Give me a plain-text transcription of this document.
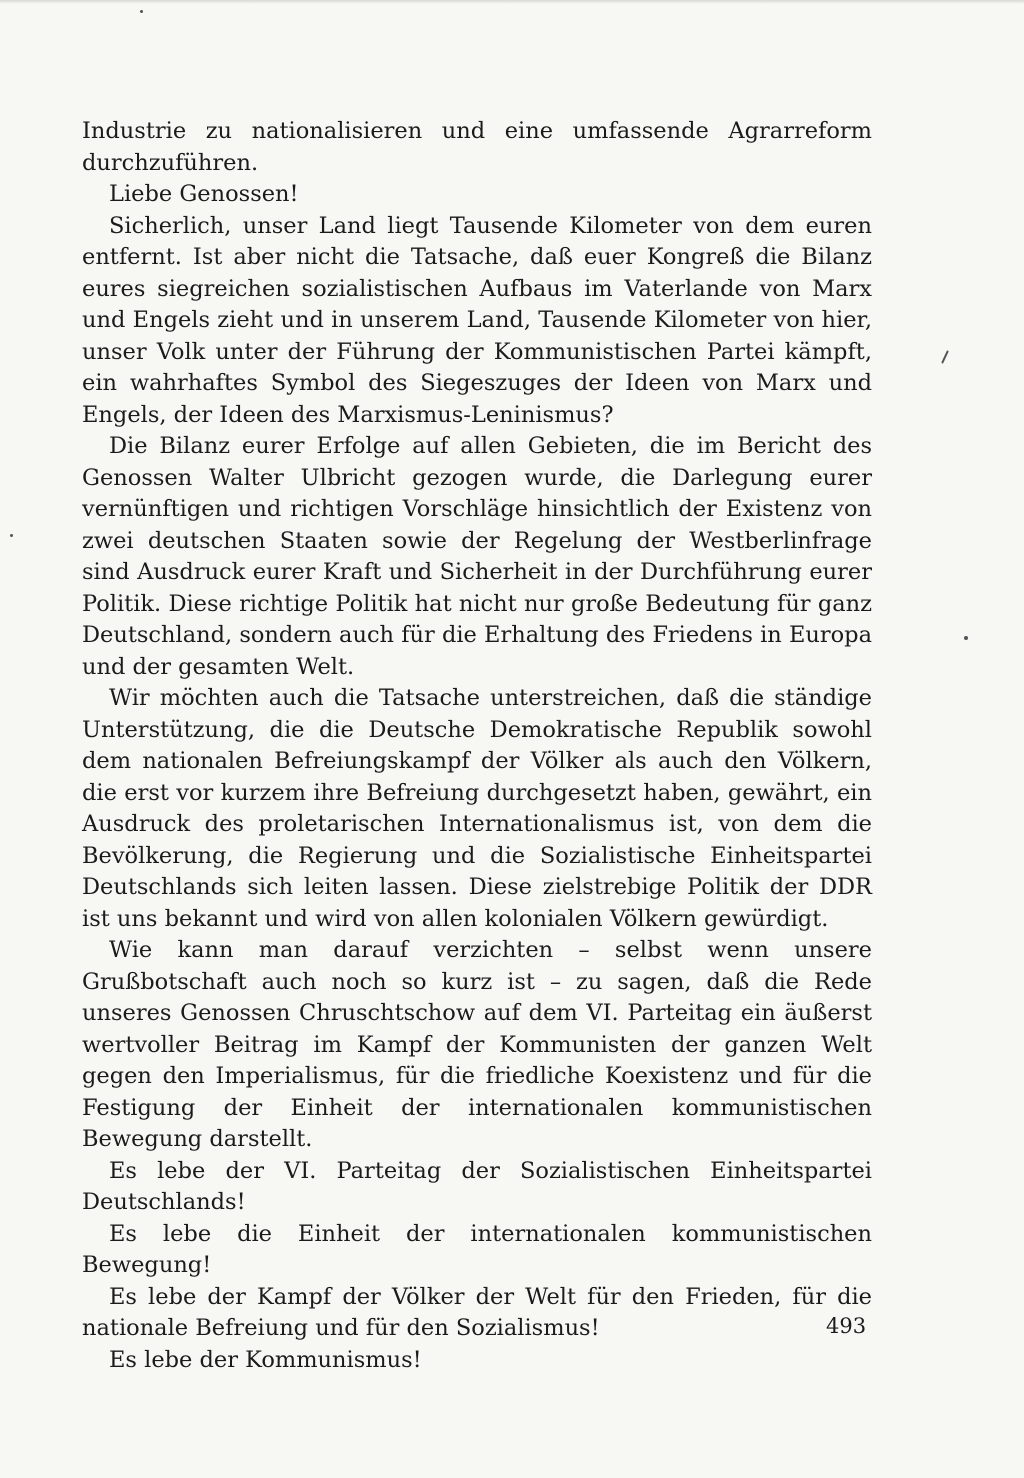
Industrie zu nationalisieren und eine umfassende Agrarreform durchzuführen.

Liebe Genossen!

Sicherlich, unser Land liegt Tausende Kilometer von dem euren entfernt. Ist aber nicht die Tatsache, daß euer Kongreß die Bilanz eures siegreichen sozialistischen Aufbaus im Vaterlande von Marx und Engels zieht und in unserem Land, Tausende Kilometer von hier, unser Volk unter der Führung der Kommunistischen Partei kämpft, ein wahrhaftes Symbol des Siegeszuges der Ideen von Marx und Engels, der Ideen des Marxismus-Leninismus?

Die Bilanz eurer Erfolge auf allen Gebieten, die im Bericht des Genossen Walter Ulbricht gezogen wurde, die Darlegung eurer vernünftigen und richtigen Vorschläge hinsichtlich der Existenz von zwei deutschen Staaten sowie der Regelung der Westberlinfrage sind Ausdruck eurer Kraft und Sicherheit in der Durchführung eurer Politik. Diese richtige Politik hat nicht nur große Bedeutung für ganz Deutschland, sondern auch für die Erhaltung des Friedens in Europa und der gesamten Welt.

Wir möchten auch die Tatsache unterstreichen, daß die ständige Unterstützung, die die Deutsche Demokratische Republik sowohl dem nationalen Befreiungskampf der Völker als auch den Völkern, die erst vor kurzem ihre Befreiung durchgesetzt haben, gewährt, ein Ausdruck des proletarischen Internationalismus ist, von dem die Bevölkerung, die Regierung und die Sozialistische Einheitspartei Deutschlands sich leiten lassen. Diese zielstrebige Politik der DDR ist uns bekannt und wird von allen kolonialen Völkern gewürdigt.

Wie kann man darauf verzichten – selbst wenn unsere Grußbotschaft auch noch so kurz ist – zu sagen, daß die Rede unseres Genossen Chruschtschow auf dem VI. Parteitag ein äußerst wertvoller Beitrag im Kampf der Kommunisten der ganzen Welt gegen den Imperialismus, für die friedliche Koexistenz und für die Festigung der Einheit der internationalen kommunistischen Bewegung darstellt.

Es lebe der VI. Parteitag der Sozialistischen Einheitspartei Deutschlands!

Es lebe die Einheit der internationalen kommunistischen Bewegung!

Es lebe der Kampf der Völker der Welt für den Frieden, für die nationale Befreiung und für den Sozialismus!

Es lebe der Kommunismus!

493
